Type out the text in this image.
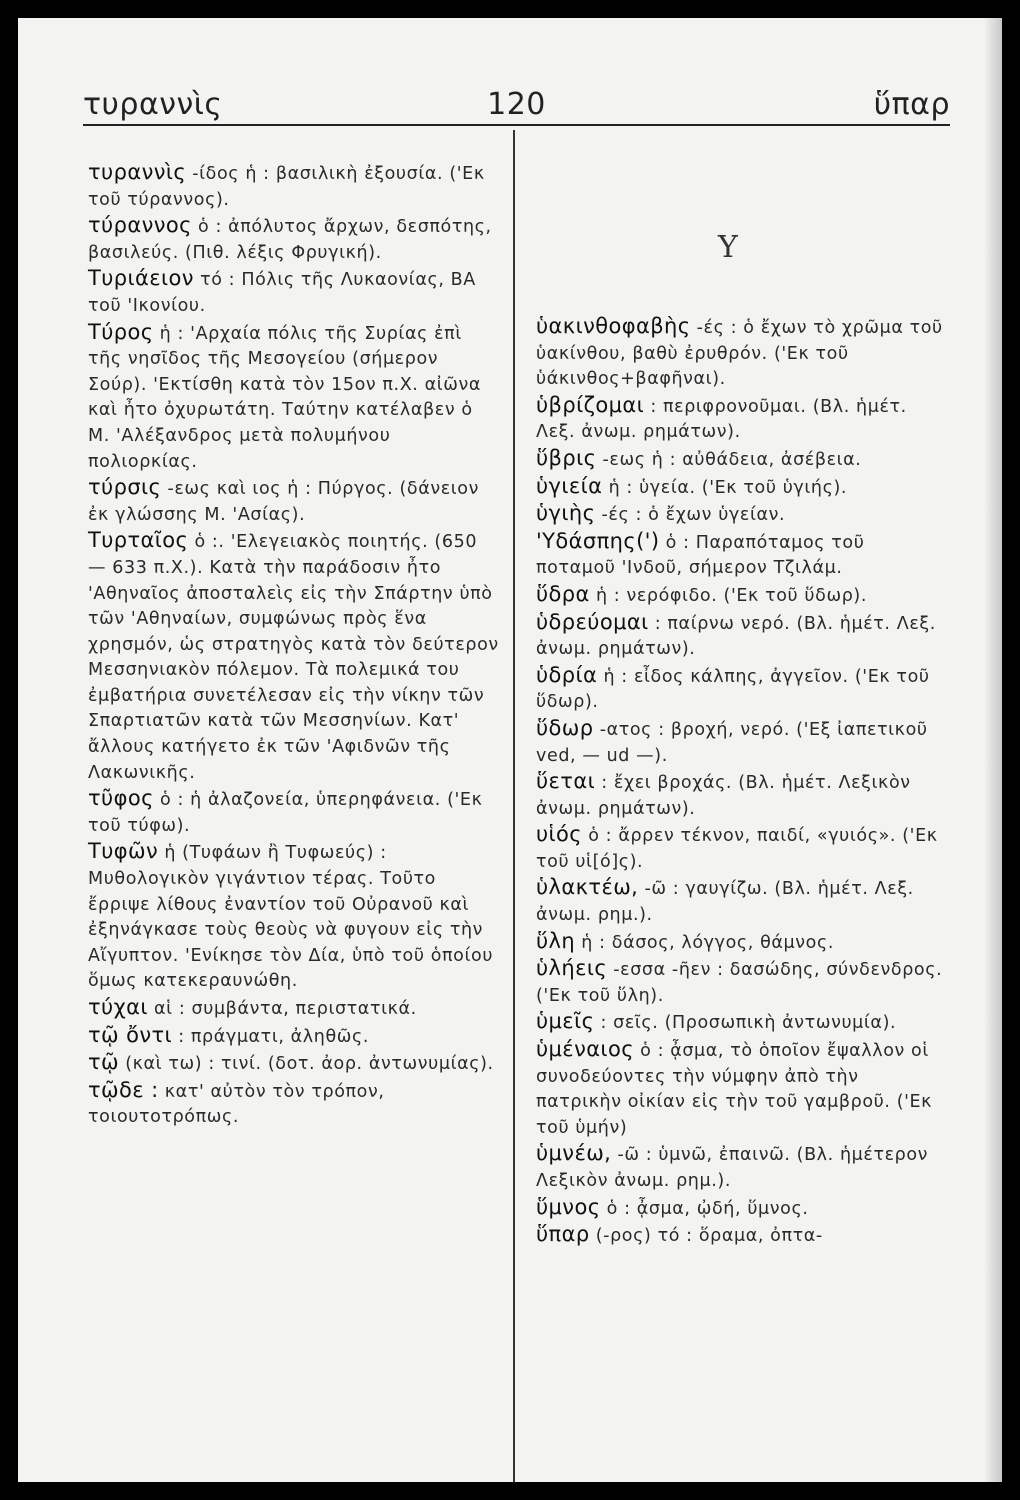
τυραννὶς	120	ὕπαρ
Υ

τυραννὶς -ίδος ἡ : βασιλικὴ ἐξουσία. ('Εκ τοῦ τύραννος).

τύραννος ὁ : ἀπόλυτος ἄρχων, δεσπότης, βασιλεύς. (Πιθ. λέξις Φρυγική).

Τυριάειον τό : Πόλις τῆς Λυκαονίας, ΒΑ τοῦ 'Ικονίου.

Τύρος ἡ : 'Αρχαία πόλις τῆς Συρίας ἐπὶ τῆς νησῖδος τῆς Μεσογείου (σήμερον Σούρ). 'Εκτίσθη κατὰ τὸν 15ον π.Χ. αἰῶνα καὶ ἦτο ὀχυρωτάτη. Ταύτην κατέλαβεν ὁ Μ. 'Αλέξανδρος μετὰ πολυμήνου πολιορκίας.

τύρσις -εως καὶ ιος ἡ : Πύργος. (δάνειον ἐκ γλώσσης Μ. 'Ασίας).

Τυρταῖος ὁ :. 'Ελεγειακὸς ποιητής. (650 — 633 π.Χ.). Κατὰ τὴν παράδοσιν ἦτο 'Αθηναῖος ἀποσταλεὶς εἰς τὴν Σπάρτην ὑπὸ τῶν 'Αθηναίων, συμφώνως πρὸς ἕνα χρησμόν, ὡς στρατηγὸς κατὰ τὸν δεύτερον Μεσσηνιακὸν πόλεμον. Τὰ πολεμικά του ἐμβατήρια συνετέλεσαν εἰς τὴν νίκην τῶν Σπαρτιατῶν κατὰ τῶν Μεσσηνίων. Κατ' ἄλλους κατήγετο ἐκ τῶν 'Αφιδνῶν τῆς Λακωνικῆς.

τῦφος ὁ : ἡ ἀλαζονεία, ὑπερηφάνεια. ('Εκ τοῦ τύφω).

Τυφῶν ἡ (Τυφάων ἢ Τυφωεύς) : Μυθολογικὸν γιγάντιον τέρας. Τοῦτο ἔρριψε λίθους ἐναντίον τοῦ Οὐρανοῦ καὶ ἐξηνάγκασε τοὺς θεοὺς νὰ φυγουν εἰς τὴν Αἴγυπτον. 'Ενίκησε τὸν Δία, ὑπὸ τοῦ ὁποίου ὅμως κατεκεραυνώθη.

τύχαι αἱ : συμβάντα, περιστατικά.

τῷ ὄντι : πράγματι, ἀληθῶς.

τῷ (καὶ τω) : τινί. (δοτ. ἀορ. ἀντωνυμίας).

τῷδε : κατ' αὐτὸν τὸν τρόπον, τοιουτοτρόπως.

ὑακινθοφαβὴς -ές : ὁ ἔχων τὸ χρῶμα τοῦ ὑακίνθου, βαθὺ ἐρυθρόν. ('Εκ τοῦ ὑάκινθος+βαφῆναι).

ὑβρίζομαι : περιφρονοῦμαι. (Βλ. ἡμέτ. Λεξ. ἀνωμ. ρημάτων).

ὕβρις -εως ἡ : αὐθάδεια, ἀσέβεια.

ὑγιεία ἡ : ὑγεία. ('Εκ τοῦ ὑγιής).

ὑγιὴς -ές : ὁ ἔχων ὑγείαν.

'Υδάσπης(') ὁ : Παραπόταμος τοῦ ποταμοῦ 'Ινδοῦ, σήμερον Τζιλάμ.

ὕδρα ἡ : νερόφιδο. ('Εκ τοῦ ὕδωρ).

ὑδρεύομαι : παίρνω νερό. (Βλ. ἡμέτ. Λεξ. ἀνωμ. ρημάτων).

ὑδρία ἡ : εἶδος κάλπης, ἀγγεῖον. ('Εκ τοῦ ὕδωρ).

ὕδωρ -ατος : βροχή, νερό. ('Εξ ἰαπετικοῦ ved, — ud —).

ὕεται : ἔχει βροχάς. (Βλ. ἡμέτ. Λεξικὸν ἀνωμ. ρημάτων).

υἱός ὁ : ἄρρεν τέκνον, παιδί, «γυιός». ('Εκ τοῦ υἱ[ό]ς).

ὑλακτέω, -ῶ : γαυγίζω. (Βλ. ἡμέτ. Λεξ. ἀνωμ. ρημ.).

ὕλη ἡ : δάσος, λόγγος, θάμνος.

ὑλήεις -εσσα -ῆεν : δασώδης, σύνδενδρος. ('Εκ τοῦ ὕλη).

ὑμεῖς : σεῖς. (Προσωπικὴ ἀντωνυμία).

ὑμέναιος ὁ : ᾆσμα, τὸ ὁποῖον ἔψαλλον οἱ συνοδεύοντες τὴν νύμφην ἀπὸ τὴν πατρικὴν οἰκίαν εἰς τὴν τοῦ γαμβροῦ. ('Εκ τοῦ ὑμήν)

ὑμνέω, -ῶ : ὑμνῶ, ἐπαινῶ. (Βλ. ἡμέτερον Λεξικὸν ἀνωμ. ρημ.).

ὕμνος ὁ : ᾆσμα, ᾠδή, ὕμνος.

ὕπαρ (-ρος) τό : ὅραμα, ὀπτα-
